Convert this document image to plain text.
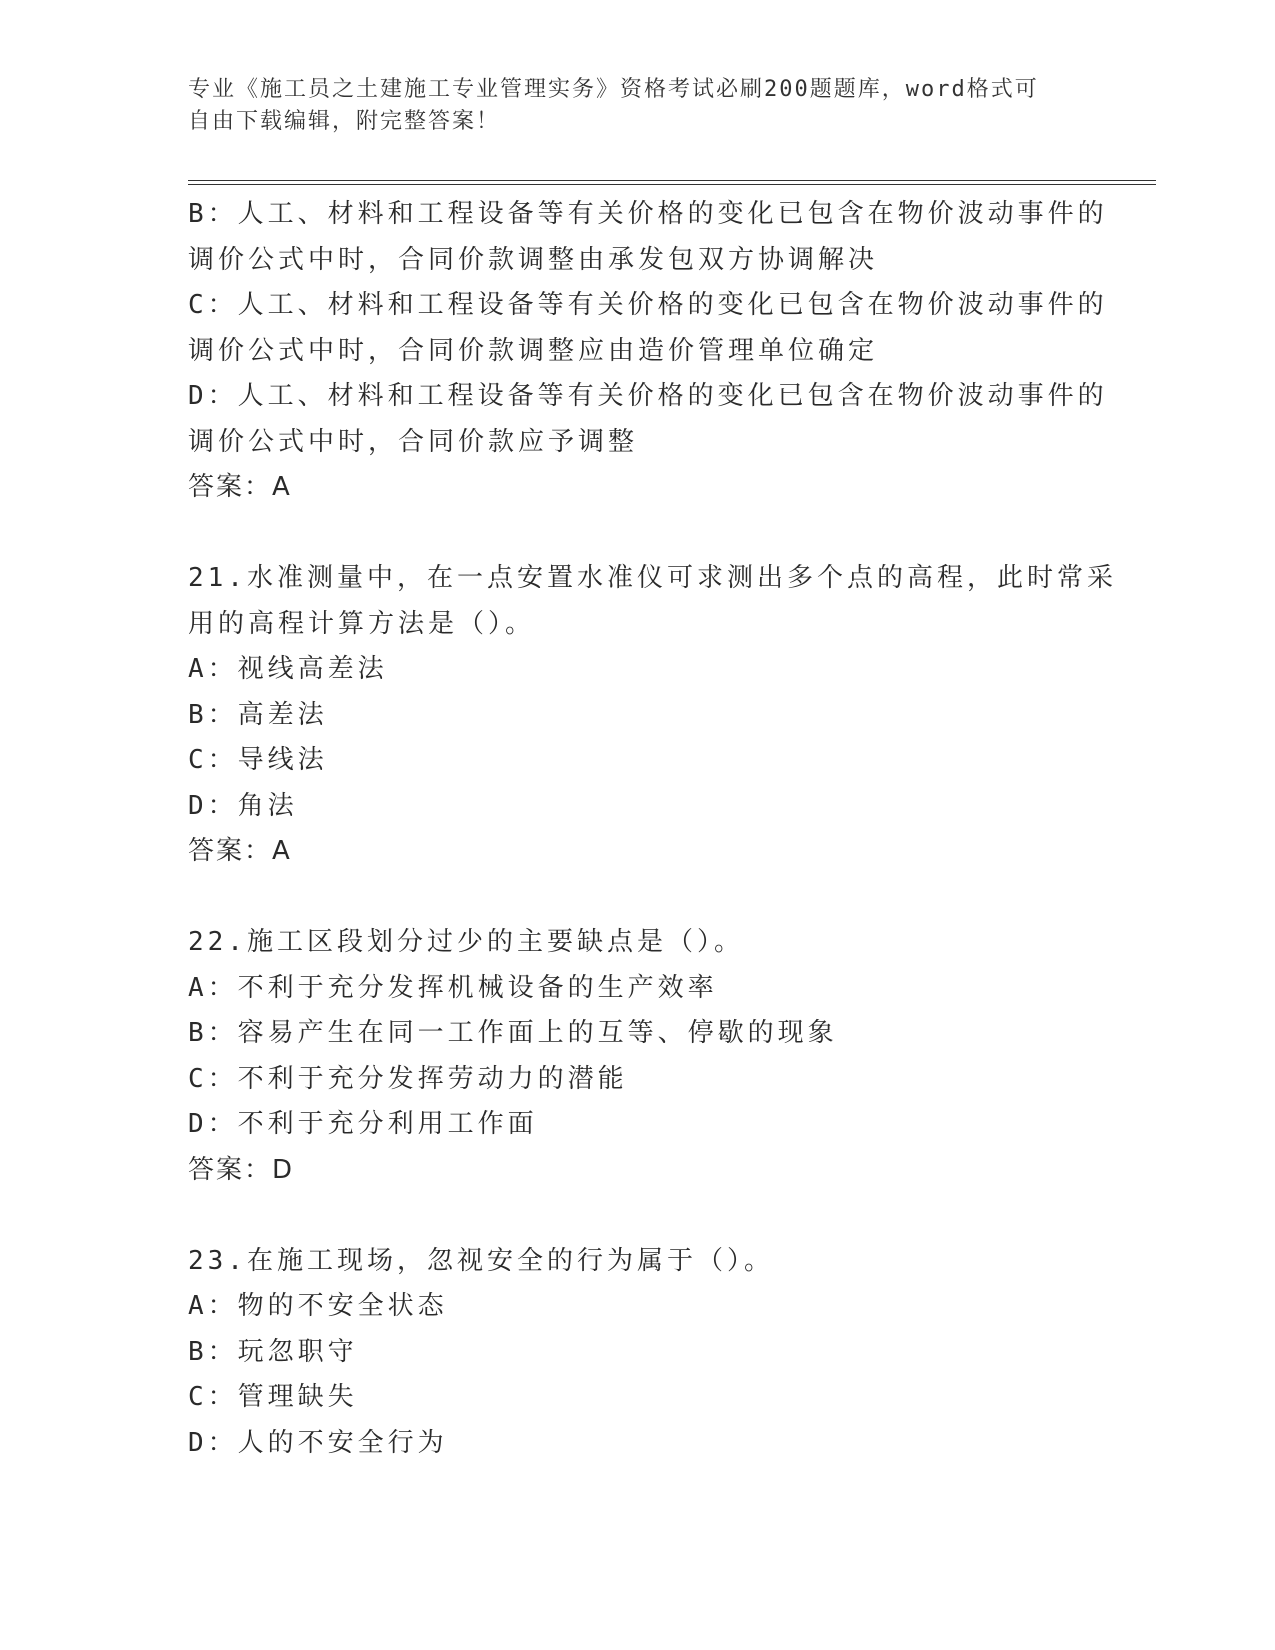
专业《施工员之土建施工专业管理实务》资格考试必刷200题题库，word格式可
自由下载编辑，附完整答案！
B：人工、材料和工程设备等有关价格的变化已包含在物价波动事件的
调价公式中时，合同价款调整由承发包双方协调解决
C：人工、材料和工程设备等有关价格的变化已包含在物价波动事件的
调价公式中时，合同价款调整应由造价管理单位确定
D：人工、材料和工程设备等有关价格的变化已包含在物价波动事件的
调价公式中时，合同价款应予调整
答案：A
21.水准测量中，在一点安置水准仪可求测出多个点的高程，此时常采
用的高程计算方法是（）。
A：视线高差法
B：高差法
C：导线法
D：角法
答案：A
22.施工区段划分过少的主要缺点是（）。
A：不利于充分发挥机械设备的生产效率
B：容易产生在同一工作面上的互等、停歇的现象
C：不利于充分发挥劳动力的潜能
D：不利于充分利用工作面
答案：D
23.在施工现场，忽视安全的行为属于（）。
A：物的不安全状态
B：玩忽职守
C：管理缺失
D：人的不安全行为
